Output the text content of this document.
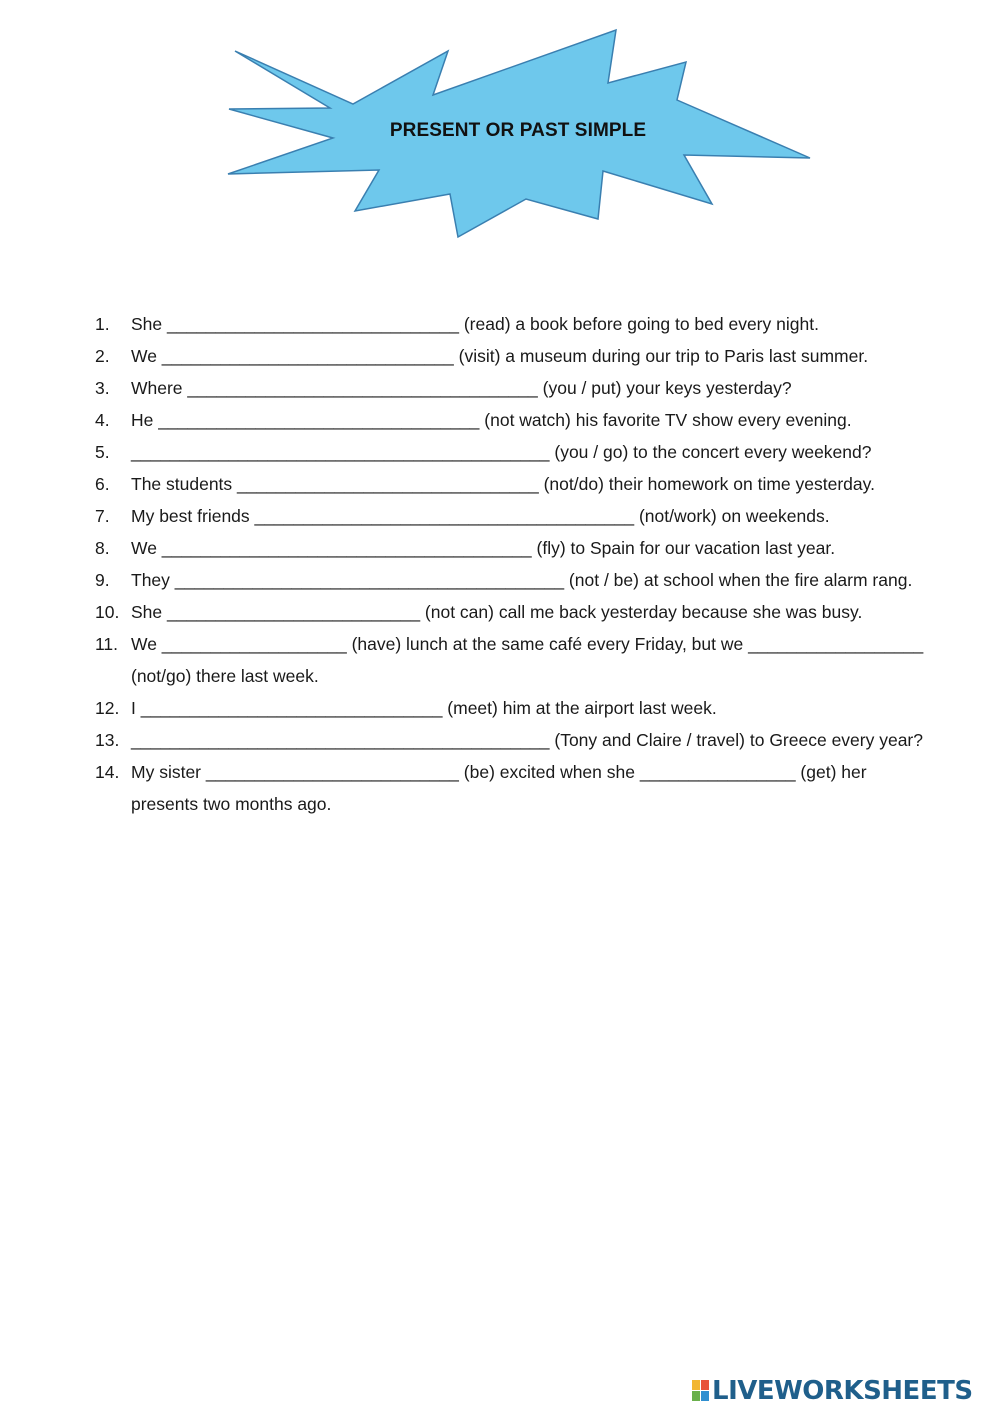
PRESENT OR PAST SIMPLE
1.	She ______________________________ (read) a book before going to bed every night.
2.	We ______________________________ (visit) a museum during our trip to Paris last summer.
3.	Where ____________________________________ (you / put) your keys yesterday?
4.	He _________________________________ (not watch) his favorite TV show every evening.
5.	___________________________________________ (you / go) to the concert every weekend?
6.	The students _______________________________ (not/do) their homework on time yesterday.
7.	My best friends _______________________________________ (not/work) on weekends.
8.	We ______________________________________ (fly) to Spain for our vacation last year.
9.	They ________________________________________ (not / be) at school when the fire alarm rang.
10. She __________________________ (not can) call me back yesterday because she was busy.
11. We ___________________ (have) lunch at the same café every Friday, but we __________________ (not/go) there last week.
12. I _______________________________ (meet) him at the airport last week.
13. ___________________________________________ (Tony and Claire / travel) to Greece every year?
14. My sister __________________________ (be) excited when she ________________ (get) her presents two months ago.
LIVEWORKSHEETS
